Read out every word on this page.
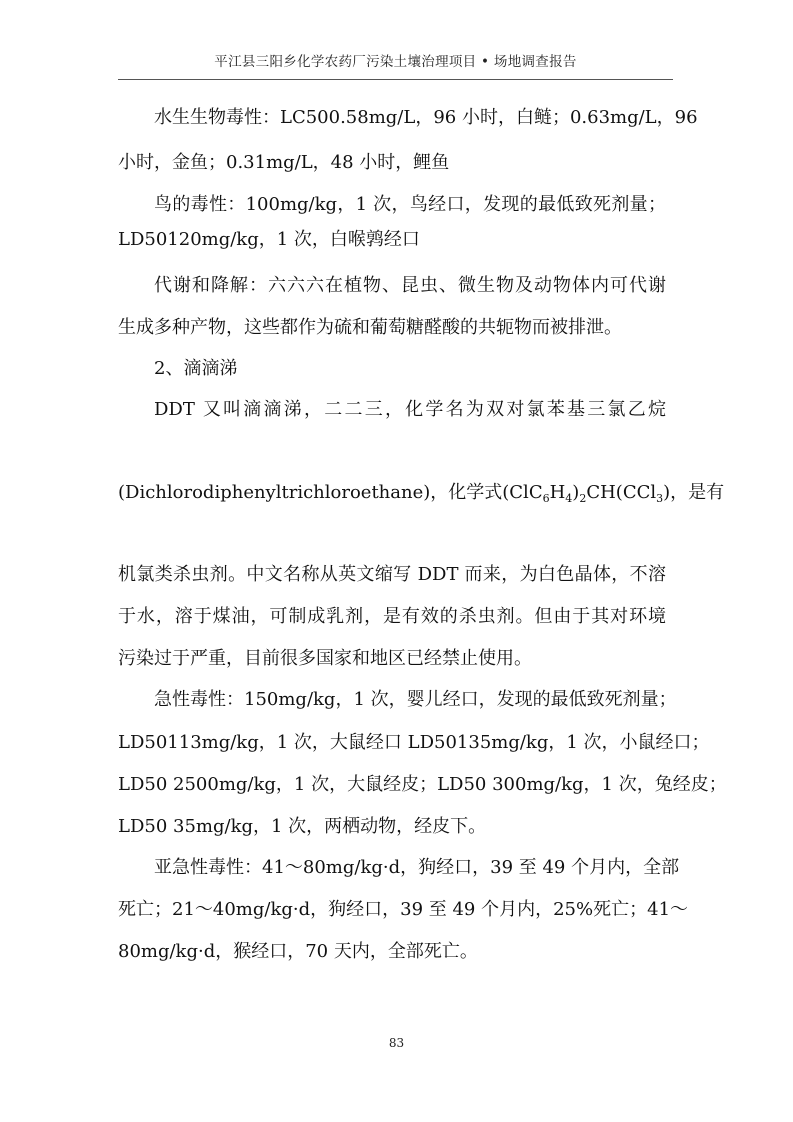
平江县三阳乡化学农药厂污染土壤治理项目 • 场地调查报告
水生生物毒性：LC500.58mg/L，96 小时，白鲢；0.63mg/L，96
小时，金鱼；0.31mg/L，48 小时，鲤鱼
鸟的毒性：100mg/kg，1 次，鸟经口，发现的最低致死剂量；
LD50120mg/kg，1 次，白喉鹑经口
代谢和降解：六六六在植物、昆虫、微生物及动物体内可代谢
生成多种产物，这些都作为硫和葡萄糖醛酸的共轭物而被排泄。
2、滴滴涕
DDT 又叫滴滴涕，二二三，化学名为双对氯苯基三氯乙烷
(Dichlorodiphenyltrichloroethane)，化学式$(ClC_6H_4)_2CH(CCl_3)$，是有
机氯类杀虫剂。中文名称从英文缩写 DDT 而来，为白色晶体，不溶
于水，溶于煤油，可制成乳剂，是有效的杀虫剂。但由于其对环境
污染过于严重，目前很多国家和地区已经禁止使用。
急性毒性：150mg/kg，1 次，婴儿经口，发现的最低致死剂量；
LD50113mg/kg，1 次，大鼠经口 LD50135mg/kg，1 次，小鼠经口；
LD50 2500mg/kg，1 次，大鼠经皮；LD50 300mg/kg，1 次，兔经皮；
LD50 35mg/kg，1 次，两栖动物，经皮下。
亚急性毒性：41～80mg/kg·d，狗经口，39 至 49 个月内，全部
死亡；21～40mg/kg·d，狗经口，39 至 49 个月内，25%死亡；41～
80mg/kg·d，猴经口，70 天内，全部死亡。
83
